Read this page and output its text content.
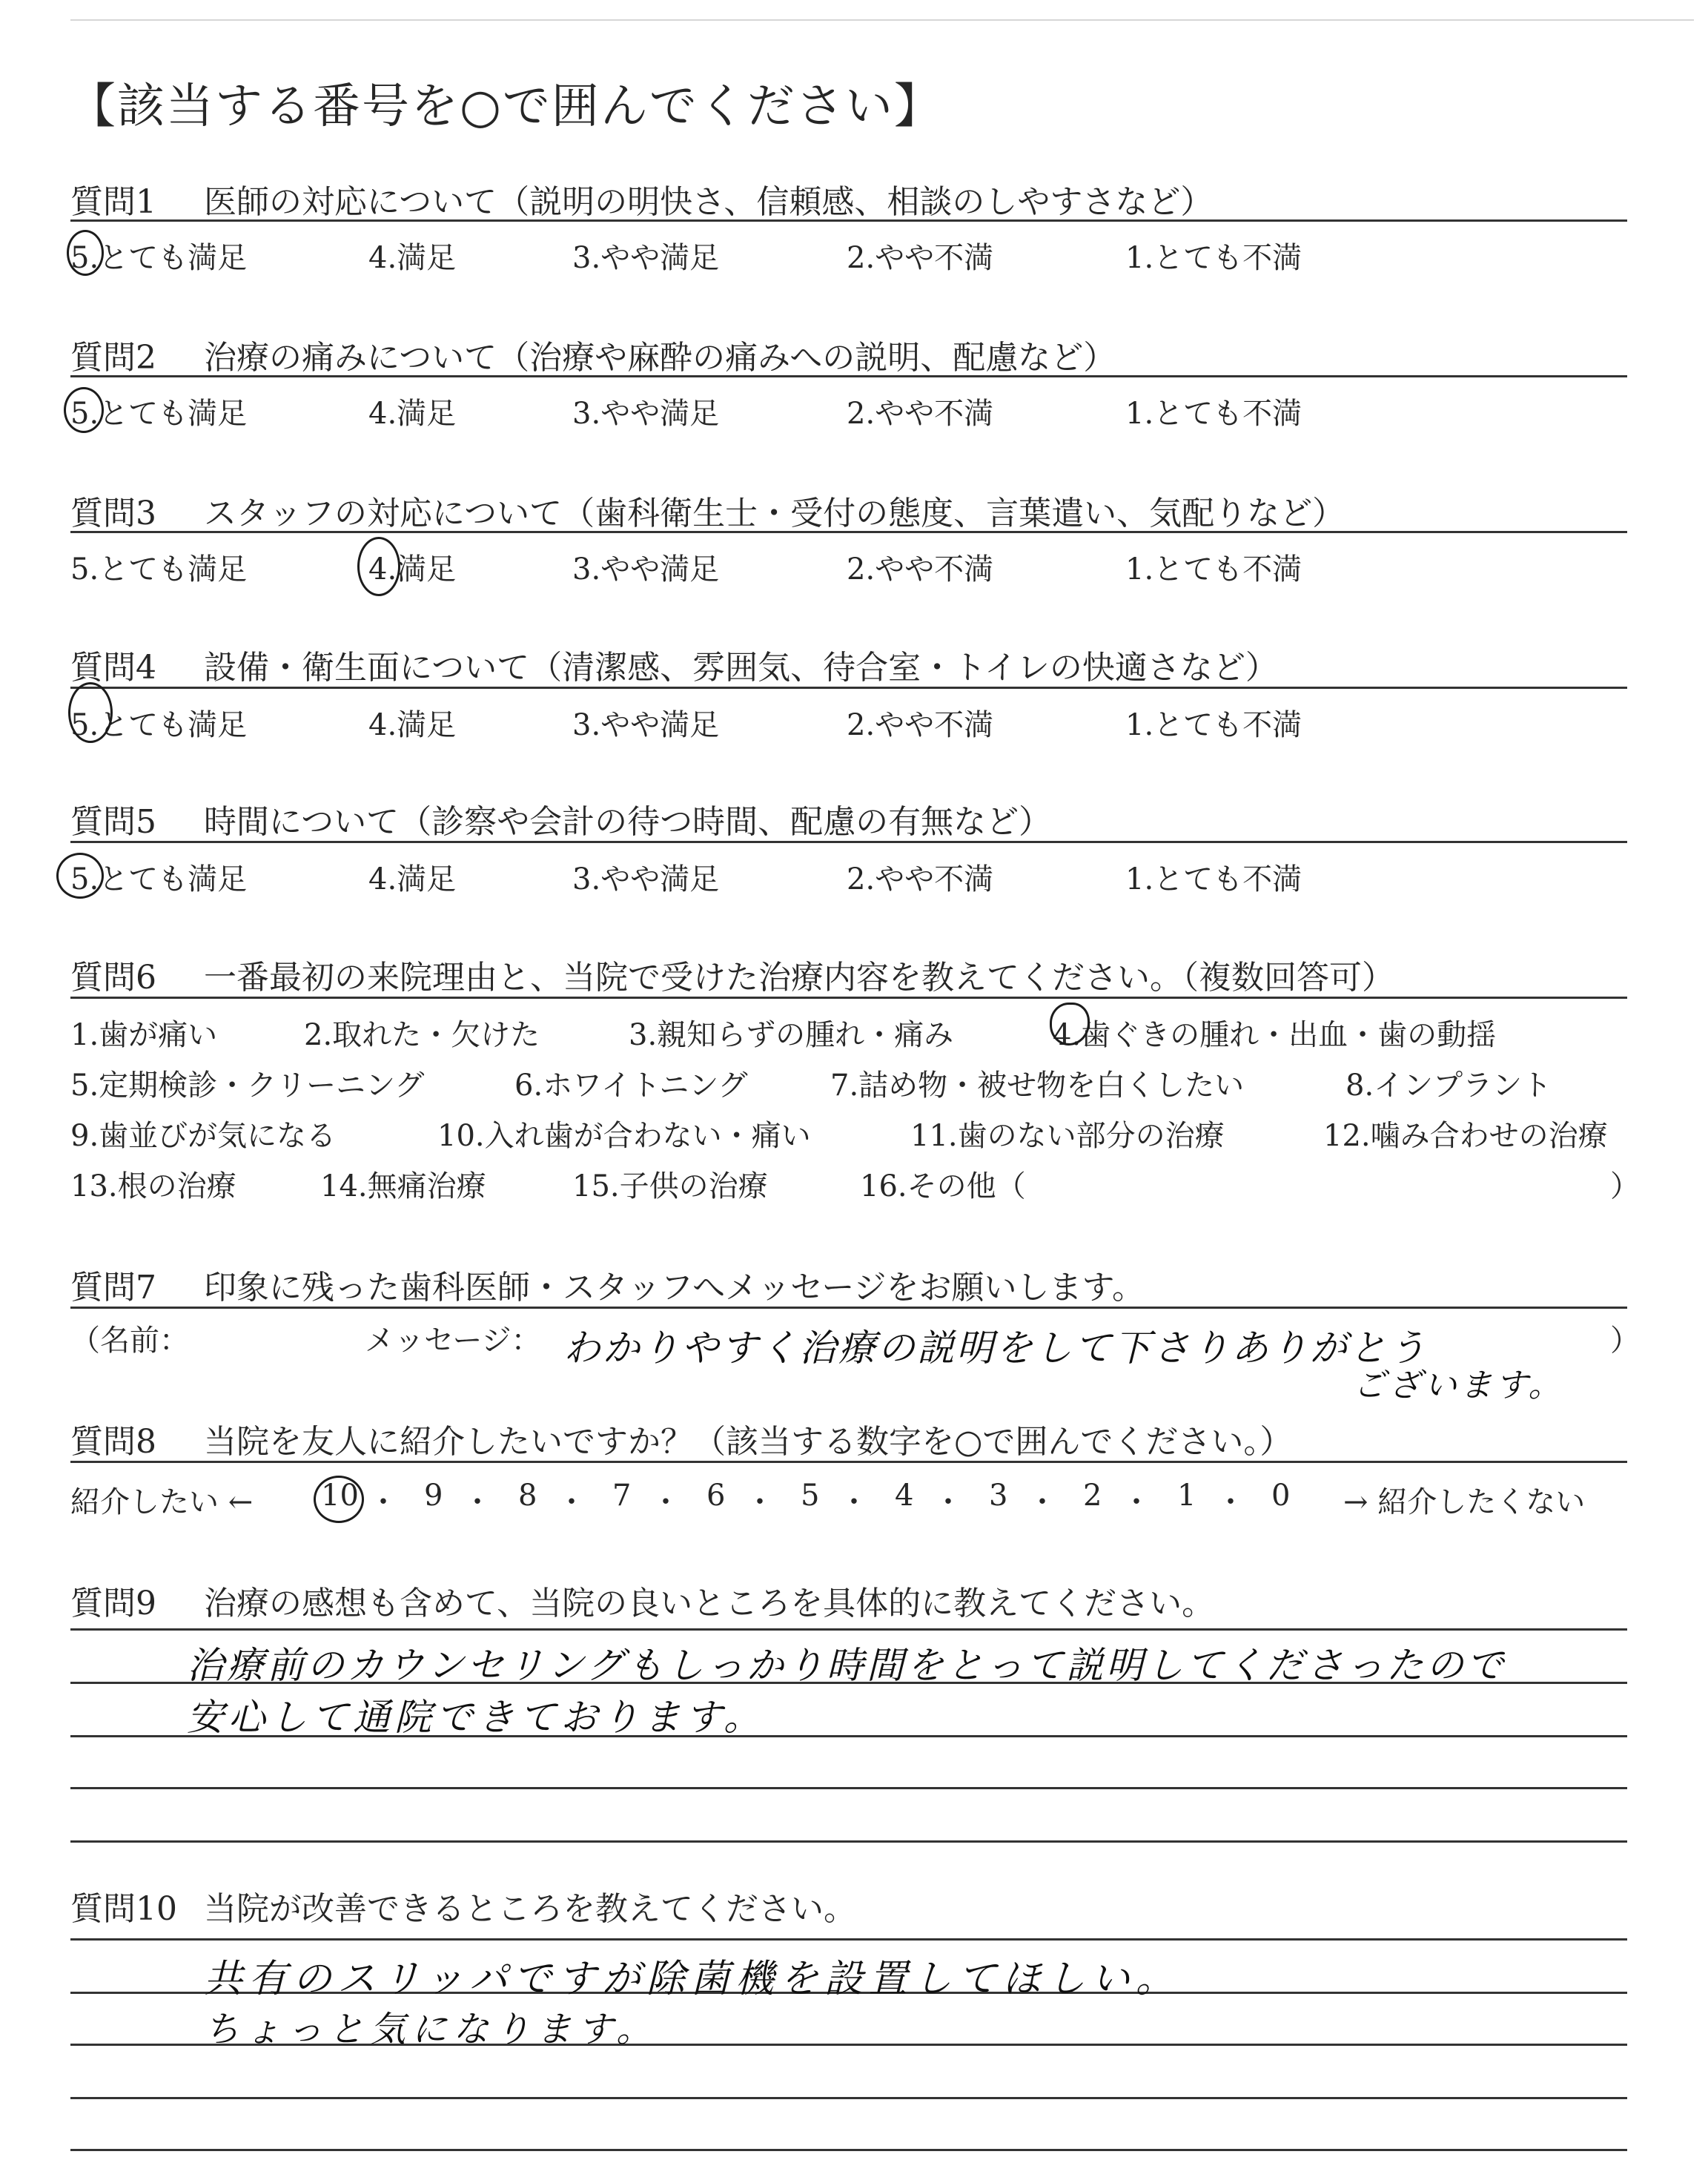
【該当する番号を○で囲んでください】
質問1 医師の対応について（説明の明快さ、信頼感、相談のしやすさなど）
5.とても満足	4.満足	3.やや満足	2.やや不満	1.とても不満
質問2 治療の痛みについて（治療や麻酔の痛みへの説明、配慮など）
5.とても満足	4.満足	3.やや満足	2.やや不満	1.とても不満
質問3 スタッフの対応について（歯科衛生士・受付の態度、言葉遣い、気配りなど）
5.とても満足	4.満足	3.やや満足	2.やや不満	1.とても不満
質問4 設備・衛生面について（清潔感、雰囲気、待合室・トイレの快適さなど）
5.とても満足	4.満足	3.やや満足	2.やや不満	1.とても不満
質問5 時間について（診察や会計の待つ時間、配慮の有無など）
5.とても満足	4.満足	3.やや満足	2.やや不満	1.とても不満
質問6 一番最初の来院理由と、当院で受けた治療内容を教えてください。（複数回答可）
1.歯が痛い	2.取れた・欠けた	3.親知らずの腫れ・痛み	4.歯ぐきの腫れ・出血・歯の動揺
5.定期検診・クリーニング	6.ホワイトニング	7.詰め物・被せ物を白くしたい	8.インプラント
9.歯並びが気になる	10.入れ歯が合わない・痛い	11.歯のない部分の治療	12.噛み合わせの治療
13.根の治療	14.無痛治療	15.子供の治療	16.その他（	）
質問7 印象に残った歯科医師・スタッフへメッセージをお願いします。
（名前：	メッセージ： わかりやすく治療の説明をして下さりありがとう
ございます。
）
質問8 当院を友人に紹介したいですか？（該当する数字を○で囲んでください。）
紹介したい ←	→ 紹介したくない
10 ・ 9 ・ 8 ・ 7 ・ 6 ・ 5 ・ 4 ・ 3 ・ 2 ・ 1 ・ 0
質問9 治療の感想も含めて、当院の良いところを具体的に教えてください。
治療前のカウンセリングもしっかり時間をとって説明してくださったので
安心して通院できております。
質問10 当院が改善できるところを教えてください。
共有のスリッパですが除菌機を設置してほしい。
ちょっと気になります。
